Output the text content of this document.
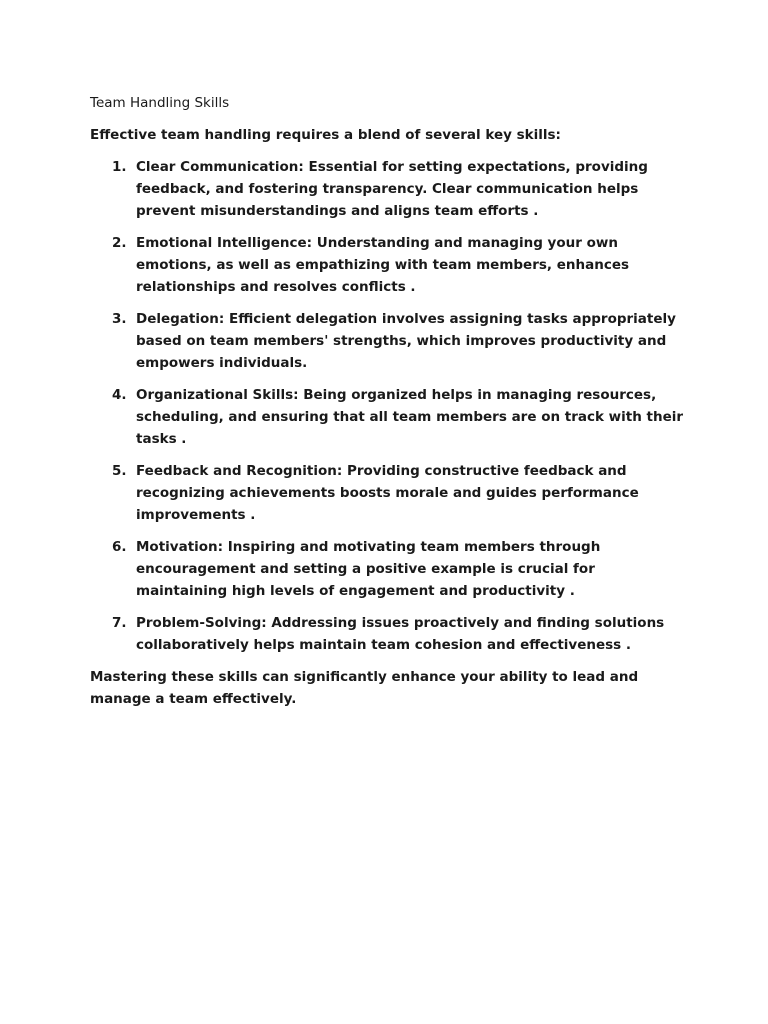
Team Handling Skills

Effective team handling requires a blend of several key skills:

1. Clear Communication: Essential for setting expectations, providing feedback, and fostering transparency. Clear communication helps prevent misunderstandings and aligns team efforts .
2. Emotional Intelligence: Understanding and managing your own emotions, as well as empathizing with team members, enhances relationships and resolves conflicts .
3. Delegation: Efficient delegation involves assigning tasks appropriately based on team members' strengths, which improves productivity and empowers individuals.
4. Organizational Skills: Being organized helps in managing resources, scheduling, and ensuring that all team members are on track with their tasks .
5. Feedback and Recognition: Providing constructive feedback and recognizing achievements boosts morale and guides performance improvements .
6. Motivation: Inspiring and motivating team members through encouragement and setting a positive example is crucial for maintaining high levels of engagement and productivity .
7. Problem-Solving: Addressing issues proactively and finding solutions collaboratively helps maintain team cohesion and effectiveness .

Mastering these skills can significantly enhance your ability to lead and manage a team effectively.
